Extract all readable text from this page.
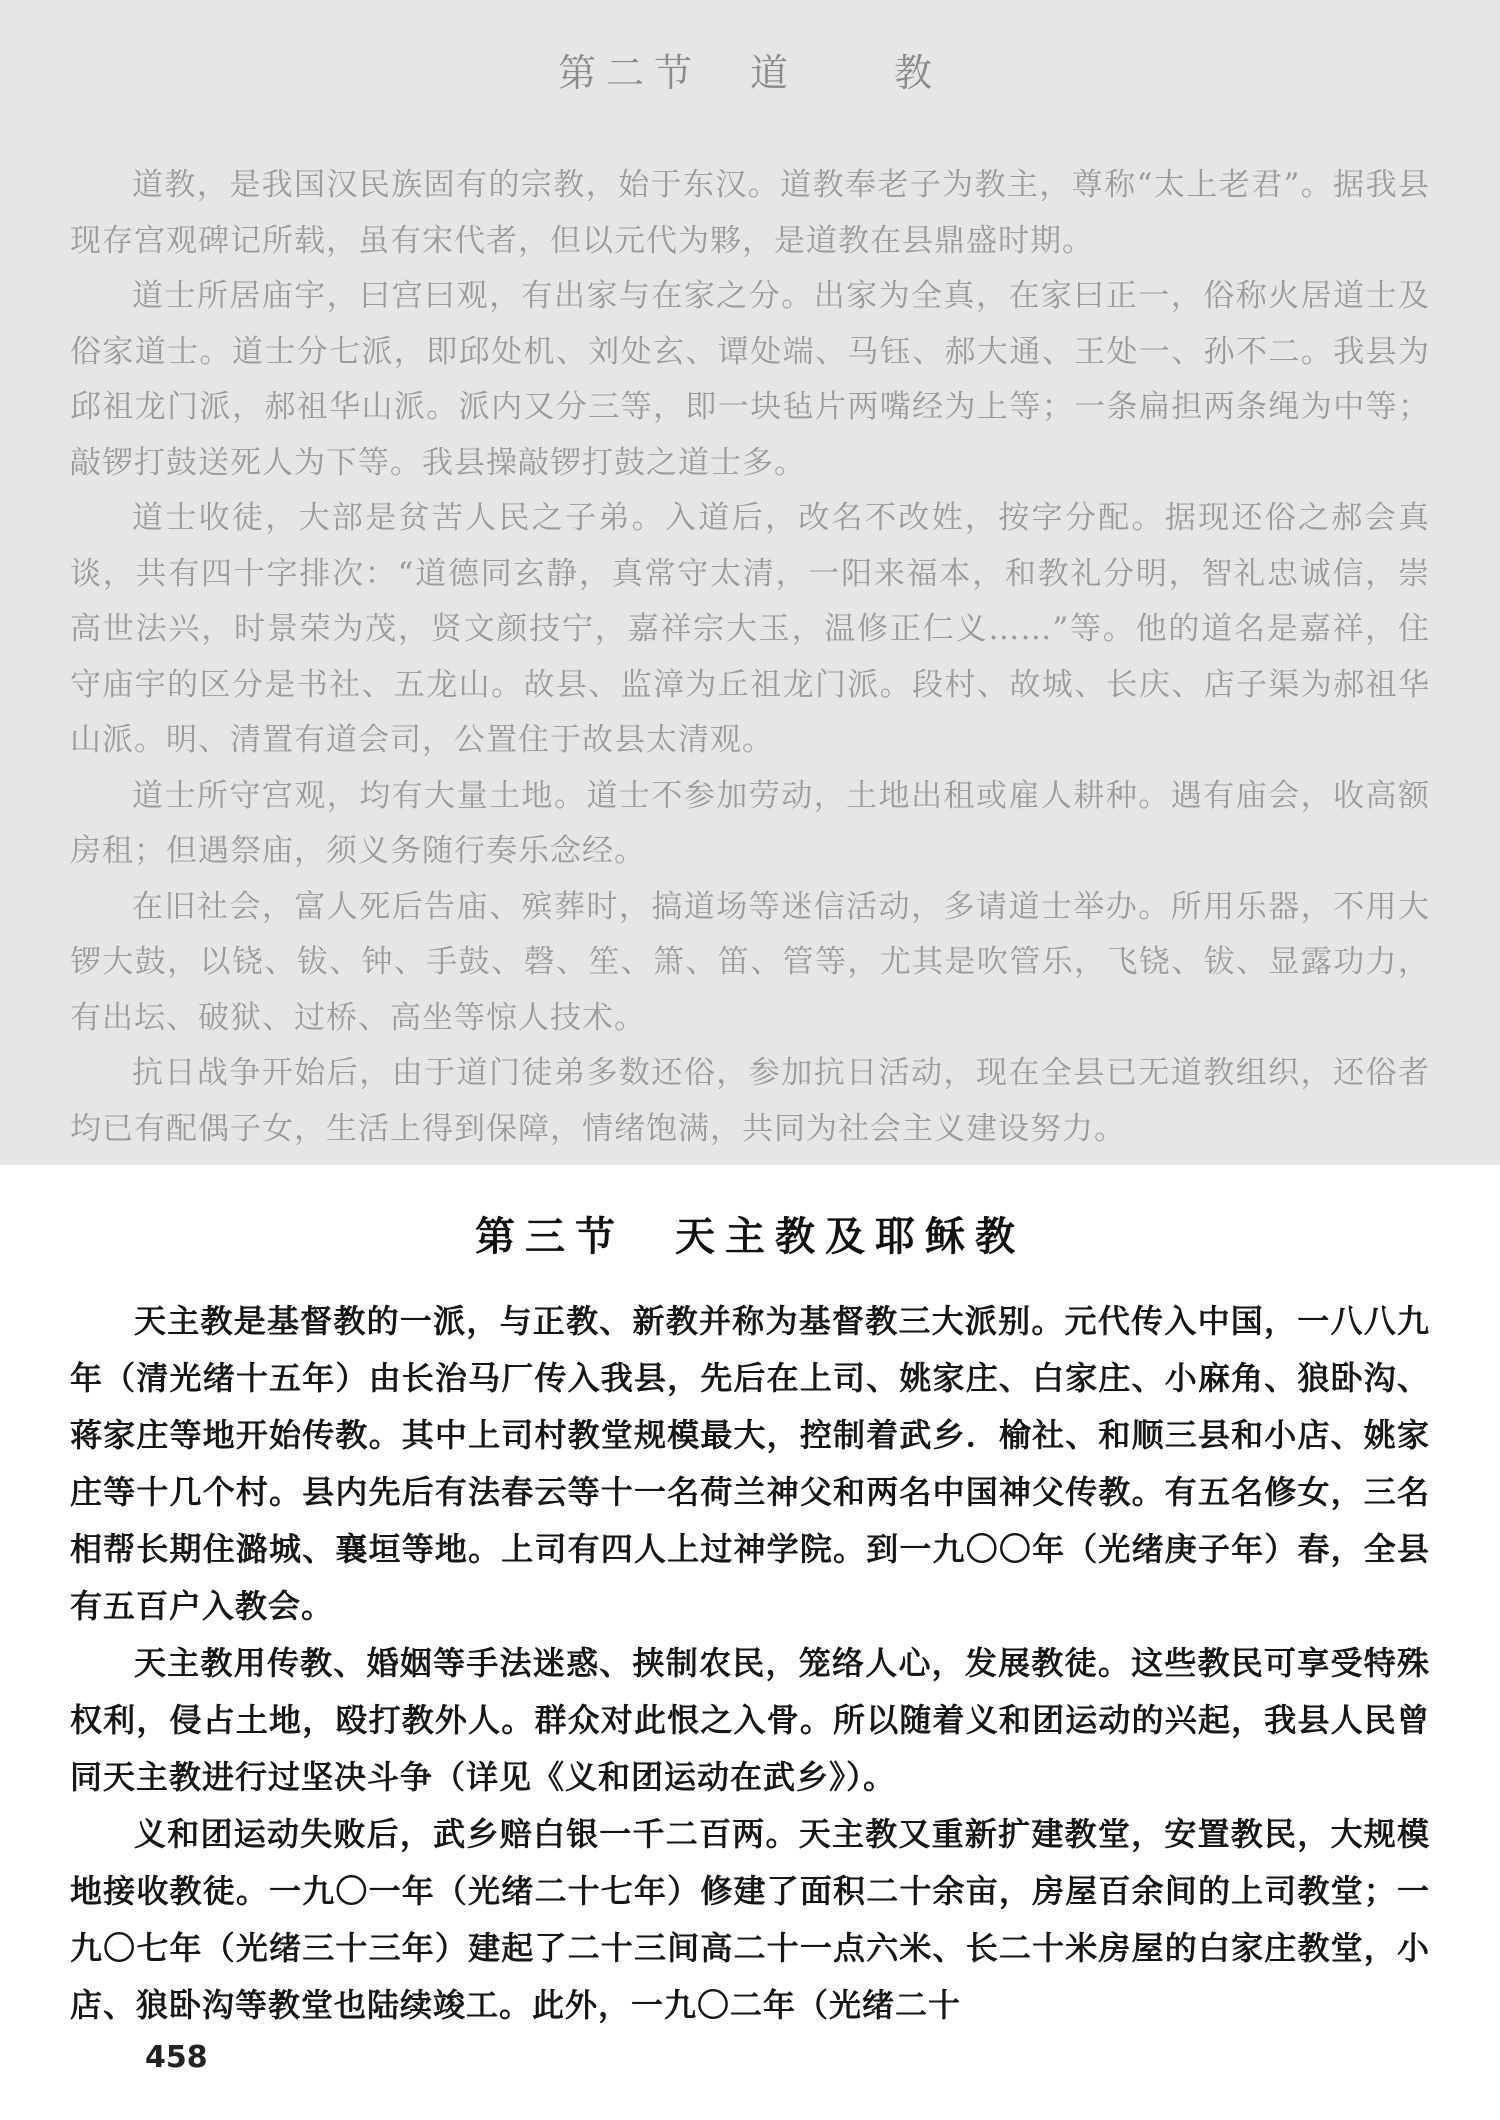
第二节　道　　教

道教，是我国汉民族固有的宗教，始于东汉。道教奉老子为教主，尊称“太上老君”。据我县现存宫观碑记所载，虽有宋代者，但以元代为夥，是道教在县鼎盛时期。

道士所居庙宇，曰宫曰观，有出家与在家之分。出家为全真，在家曰正一，俗称火居道士及俗家道士。道士分七派，即邱处机、刘处玄、谭处端、马钰、郝大通、王处一、孙不二。我县为邱祖龙门派，郝祖华山派。派内又分三等，即一块毡片两嘴经为上等；一条扁担两条绳为中等；敲锣打鼓送死人为下等。我县操敲锣打鼓之道士多。

道士收徒，大部是贫苦人民之子弟。入道后，改名不改姓，按字分配。据现还俗之郝会真谈，共有四十字排次：“道德同玄静，真常守太清，一阳来福本，和教礼分明，智礼忠诚信，崇高世法兴，时景荣为茂，贤文颜技宁，嘉祥宗大玉，温修正仁义……”等。他的道名是嘉祥，住守庙宇的区分是书社、五龙山。故县、监漳为丘祖龙门派。段村、故城、长庆、店子渠为郝祖华山派。明、清置有道会司，公置住于故县太清观。

道士所守宫观，均有大量土地。道士不参加劳动，土地出租或雇人耕种。遇有庙会，收高额房租；但遇祭庙，须义务随行奏乐念经。

在旧社会，富人死后告庙、殡葬时，搞道场等迷信活动，多请道士举办。所用乐器，不用大锣大鼓，以铙、钹、钟、手鼓、磬、笙、箫、笛、管等，尤其是吹管乐，飞铙、钹、显露功力，有出坛、破狱、过桥、高坐等惊人技术。

抗日战争开始后，由于道门徒弟多数还俗，参加抗日活动，现在全县已无道教组织，还俗者均已有配偶子女，生活上得到保障，情绪饱满，共同为社会主义建设努力。

第三节　天主教及耶稣教

天主教是基督教的一派，与正教、新教并称为基督教三大派别。元代传入中国，一八八九年（清光绪十五年）由长治马厂传入我县，先后在上司、姚家庄、白家庄、小麻角、狼卧沟、蒋家庄等地开始传教。其中上司村教堂规模最大，控制着武乡．榆社、和顺三县和小店、姚家庄等十几个村。县内先后有法春云等十一名荷兰神父和两名中国神父传教。有五名修女，三名相帮长期住潞城、襄垣等地。上司有四人上过神学院。到一九〇〇年（光绪庚子年）春，全县有五百户入教会。

天主教用传教、婚姻等手法迷惑、挟制农民，笼络人心，发展教徒。这些教民可享受特殊权利，侵占土地，殴打教外人。群众对此恨之入骨。所以随着义和团运动的兴起，我县人民曾同天主教进行过坚决斗争（详见《义和团运动在武乡》）。

义和团运动失败后，武乡赔白银一千二百两。天主教又重新扩建教堂，安置教民，大规模地接收教徒。一九〇一年（光绪二十七年）修建了面积二十余亩，房屋百余间的上司教堂；一九〇七年（光绪三十三年）建起了二十三间高二十一点六米、长二十米房屋的白家庄教堂，小店、狼卧沟等教堂也陆续竣工。此外，一九〇二年（光绪二十

458
